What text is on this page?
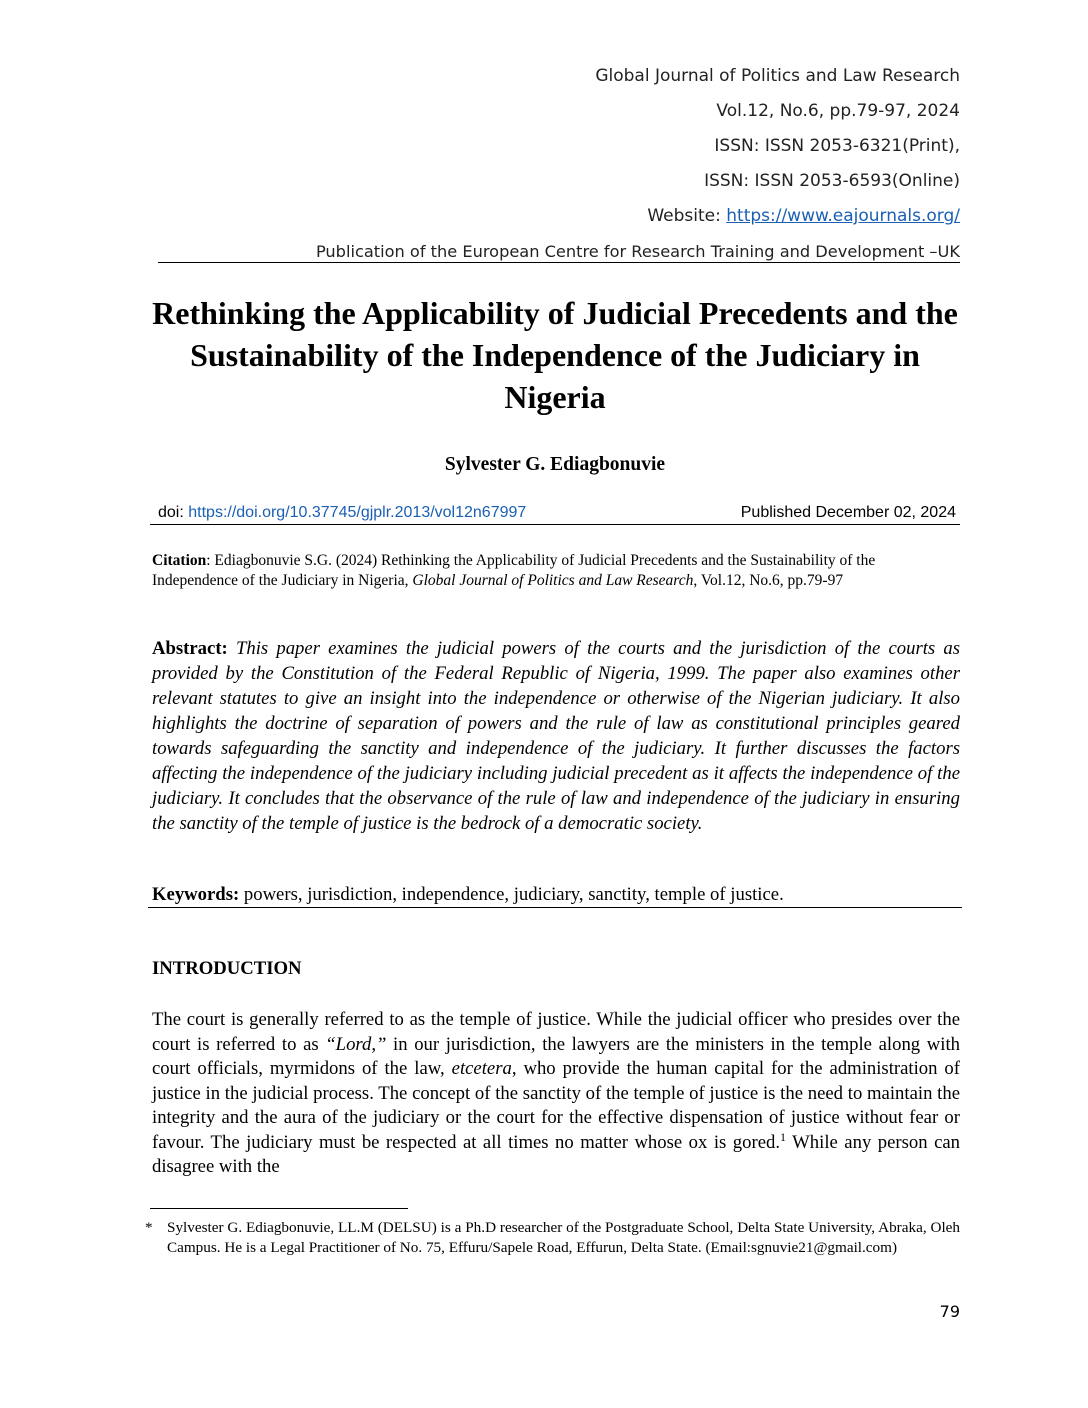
Global Journal of Politics and Law Research
Vol.12, No.6, pp.79-97, 2024
ISSN: ISSN 2053-6321(Print),
ISSN: ISSN 2053-6593(Online)
Website: https://www.eajournals.org/
Publication of the European Centre for Research Training and Development –UK
Rethinking the Applicability of Judicial Precedents and the Sustainability of the Independence of the Judiciary in Nigeria
Sylvester G. Ediagbonuvie
doi: https://doi.org/10.37745/gjplr.2013/vol12n67997	Published December 02, 2024
Citation: Ediagbonuvie S.G. (2024) Rethinking the Applicability of Judicial Precedents and the Sustainability of the Independence of the Judiciary in Nigeria, Global Journal of Politics and Law Research, Vol.12, No.6, pp.79-97
Abstract: This paper examines the judicial powers of the courts and the jurisdiction of the courts as provided by the Constitution of the Federal Republic of Nigeria, 1999. The paper also examines other relevant statutes to give an insight into the independence or otherwise of the Nigerian judiciary. It also highlights the doctrine of separation of powers and the rule of law as constitutional principles geared towards safeguarding the sanctity and independence of the judiciary. It further discusses the factors affecting the independence of the judiciary including judicial precedent as it affects the independence of the judiciary. It concludes that the observance of the rule of law and independence of the judiciary in ensuring the sanctity of the temple of justice is the bedrock of a democratic society.
Keywords: powers, jurisdiction, independence, judiciary, sanctity, temple of justice.
INTRODUCTION

The court is generally referred to as the temple of justice. While the judicial officer who presides over the court is referred to as “Lord,” in our jurisdiction, the lawyers are the ministers in the temple along with court officials, myrmidons of the law, etcetera, who provide the human capital for the administration of justice in the judicial process. The concept of the sanctity of the temple of justice is the need to maintain the integrity and the aura of the judiciary or the court for the effective dispensation of justice without fear or favour. The judiciary must be respected at all times no matter whose ox is gored.$^1$ While any person can disagree with the

* Sylvester G. Ediagbonuvie, LL.M (DELSU) is a Ph.D researcher of the Postgraduate School, Delta State University, Abraka, Oleh Campus. He is a Legal Practitioner of No. 75, Effuru/Sapele Road, Effurun, Delta State. (Email:sgnuvie21@gmail.com)
79
